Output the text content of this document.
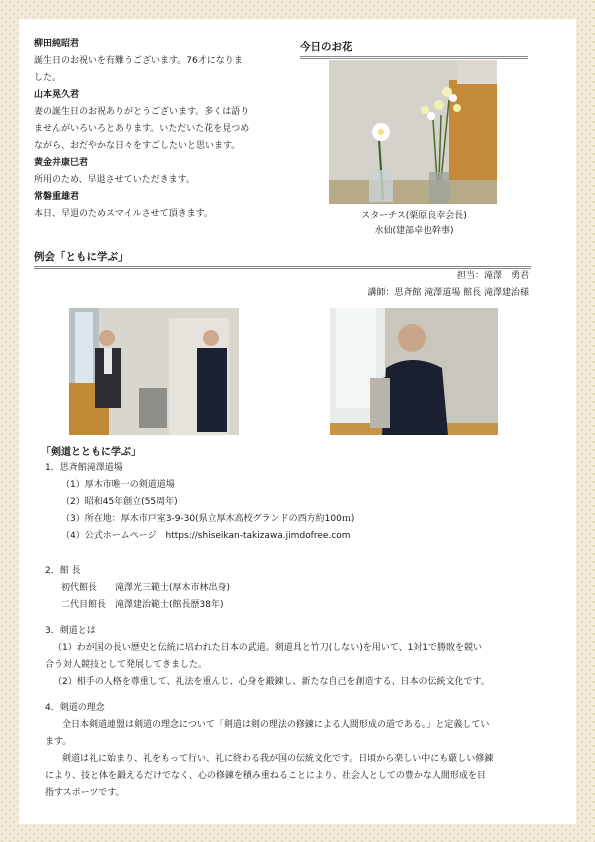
柳田純昭君
誕生日のお祝いを有難うございます。76才になりま
した。
山本晃久君
妻の誕生日のお祝ありがとうございます。多くは語り
ませんがいろいろとあります。いただいた花を見つめ
ながら、おだやかな日々をすごしたいと思います。
黄金井康巳君
所用のため、早退させていただきます。
常磐重雄君
本日、早退のためスマイルさせて頂きます。
今日のお花
スターチス(栗原良幸会長)
水仙(建部卓也幹事)
例会「ともに学ぶ」
担当：滝澤　勇君
講師：思斉館 滝澤道場 館長 滝澤建治様
「剣道とともに学ぶ」
1．思斉館滝澤道場
（1）厚木市唯一の剣道道場
（2）昭和45年創立(55周年)
（3）所在地：厚木市戸室3-9-30(県立厚木高校グランドの西方約100ｍ)
（4）公式ホームページ　https://shiseikan-takizawa.jimdofree.com
2．館 長
初代館長　　滝澤光三範士(厚木市林出身)
二代目館長　滝澤建治範士(館長歴38年)
3．剣道とは
（1）わが国の長い歴史と伝統に培われた日本の武道。剣道具と竹刀(しない)を用いて、1対1で勝敗を競い
合う対人競技として発展してきました。
（2）相手の人格を尊重して、礼法を重んじ、心身を鍛錬し、新たな自己を創造する、日本の伝統文化です。
4．剣道の理念
　全日本剣道連盟は剣道の理念について「剣道は剣の理法の修錬による人間形成の道である。」と定義してい
ます。
　剣道は礼に始まり、礼をもって行い、礼に終わる我が国の伝統文化です。日頃から楽しい中にも厳しい修錬
により、技と体を鍛えるだけでなく、心の修錬を積み重ねることにより、社会人としての豊かな人間形成を目
指すスポーツです。
